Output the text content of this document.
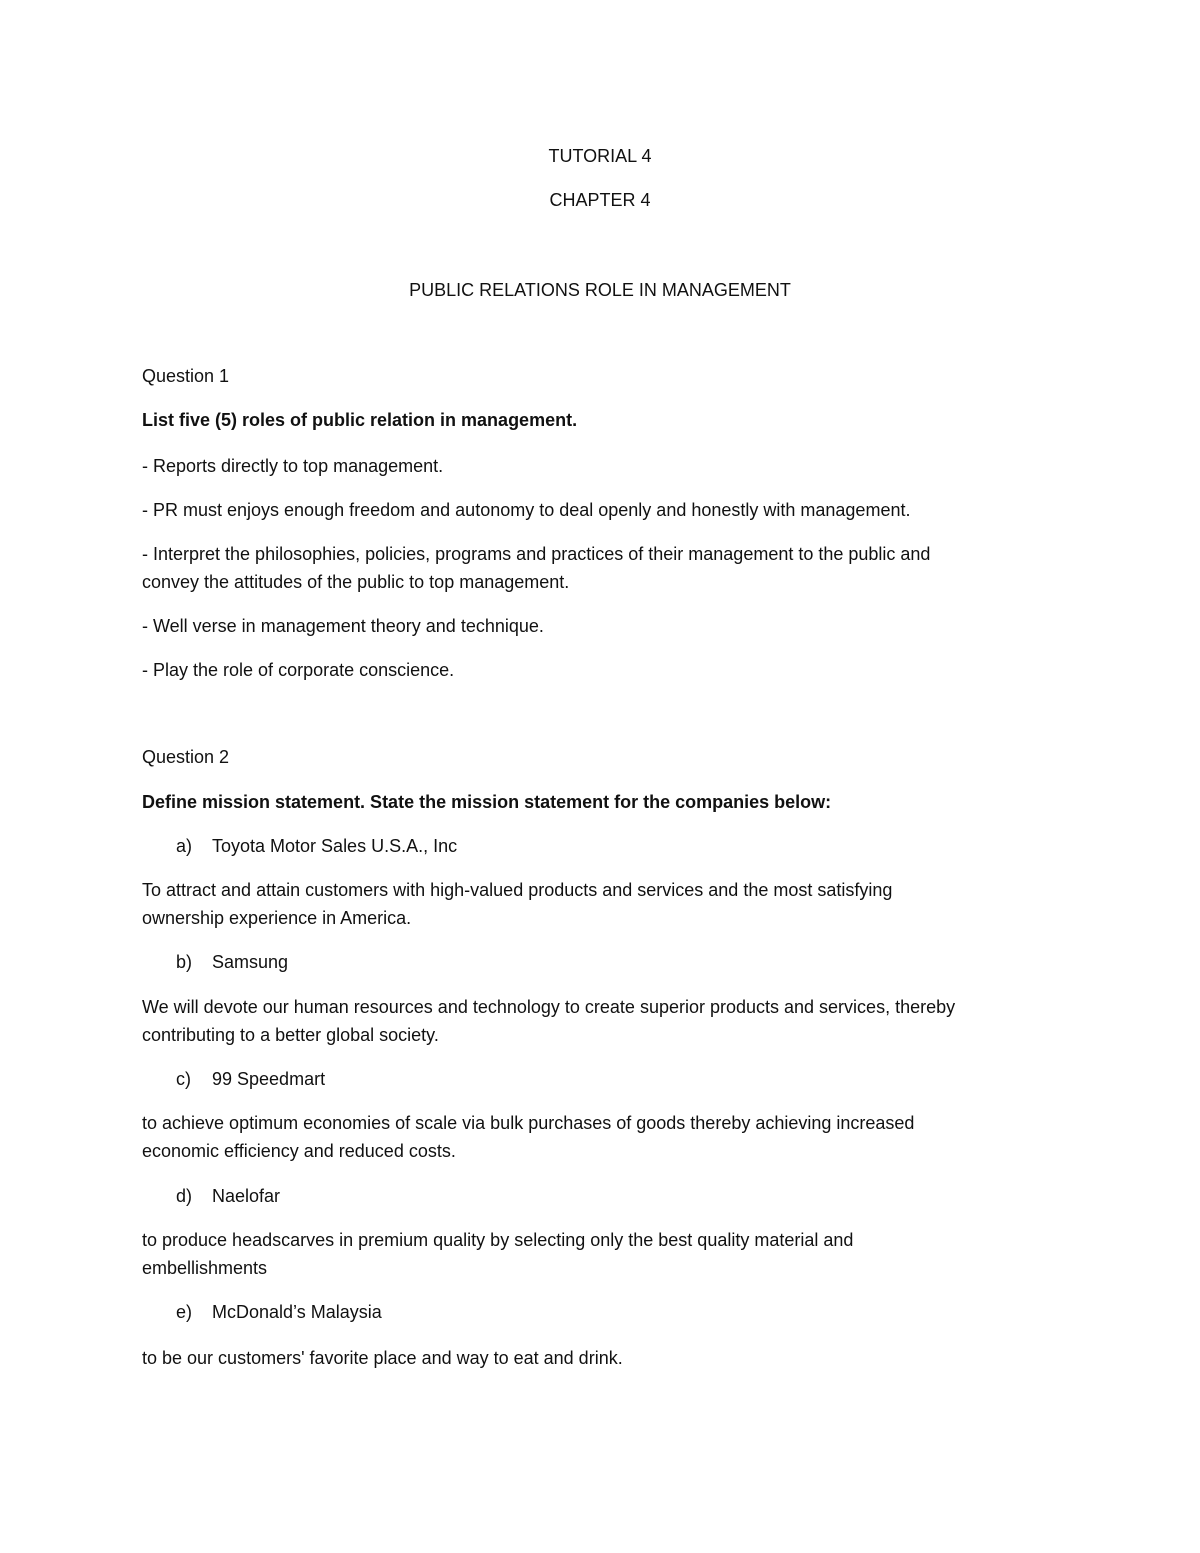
TUTORIAL 4
CHAPTER 4
PUBLIC RELATIONS ROLE IN MANAGEMENT
Question 1
List five (5) roles of public relation in management.
- Reports directly to top management.
- PR must enjoys enough freedom and autonomy to deal openly and honestly with management.
- Interpret the philosophies, policies, programs and practices of their management to the public and
convey the attitudes of the public to top management.
- Well verse in management theory and technique.
- Play the role of corporate conscience.
Question 2
Define mission statement. State the mission statement for the companies below:
a) Toyota Motor Sales U.S.A., Inc
To attract and attain customers with high-valued products and services and the most satisfying
ownership experience in America.
b) Samsung
We will devote our human resources and technology to create superior products and services, thereby
contributing to a better global society.
c) 99 Speedmart
to achieve optimum economies of scale via bulk purchases of goods thereby achieving increased
economic efficiency and reduced costs.
d) Naelofar
to produce headscarves in premium quality by selecting only the best quality material and
embellishments
e) McDonald’s Malaysia
to be our customers' favorite place and way to eat and drink.
